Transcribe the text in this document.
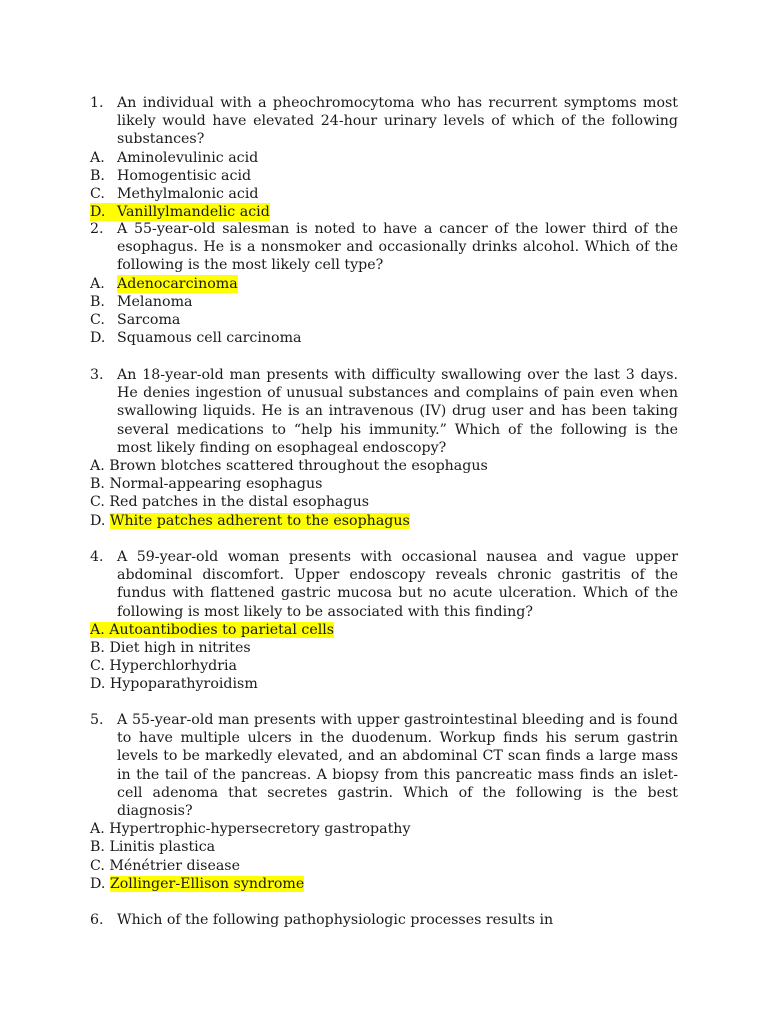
1. An individual with a pheochromocytoma who has recurrent symptoms most likely would have elevated 24-hour urinary levels of which of the following substances?
A. Aminolevulinic acid
B. Homogentisic acid
C. Methylmalonic acid
D. Vanillylmandelic acid
2. A 55-year-old salesman is noted to have a cancer of the lower third of the esophagus. He is a nonsmoker and occasionally drinks alcohol. Which of the following is the most likely cell type?
A. Adenocarcinoma
B. Melanoma
C. Sarcoma
D. Squamous cell carcinoma
3. An 18-year-old man presents with difficulty swallowing over the last 3 days. He denies ingestion of unusual substances and complains of pain even when swallowing liquids. He is an intravenous (IV) drug user and has been taking several medications to “help his immunity.” Which of the following is the most likely finding on esophageal endoscopy?
A. Brown blotches scattered throughout the esophagus
B. Normal-appearing esophagus
C. Red patches in the distal esophagus
D. White patches adherent to the esophagus
4. A 59-year-old woman presents with occasional nausea and vague upper abdominal discomfort. Upper endoscopy reveals chronic gastritis of the fundus with flattened gastric mucosa but no acute ulceration. Which of the following is most likely to be associated with this finding?
A. Autoantibodies to parietal cells
B. Diet high in nitrites
C. Hyperchlorhydria
D. Hypoparathyroidism
5. A 55-year-old man presents with upper gastrointestinal bleeding and is found to have multiple ulcers in the duodenum. Workup finds his serum gastrin levels to be markedly elevated, and an abdominal CT scan finds a large mass in the tail of the pancreas. A biopsy from this pancreatic mass finds an islet-cell adenoma that secretes gastrin. Which of the following is the best diagnosis?
A. Hypertrophic-hypersecretory gastropathy
B. Linitis plastica
C. Ménétrier disease
D. Zollinger-Ellison syndrome
6. Which of the following pathophysiologic processes results in
